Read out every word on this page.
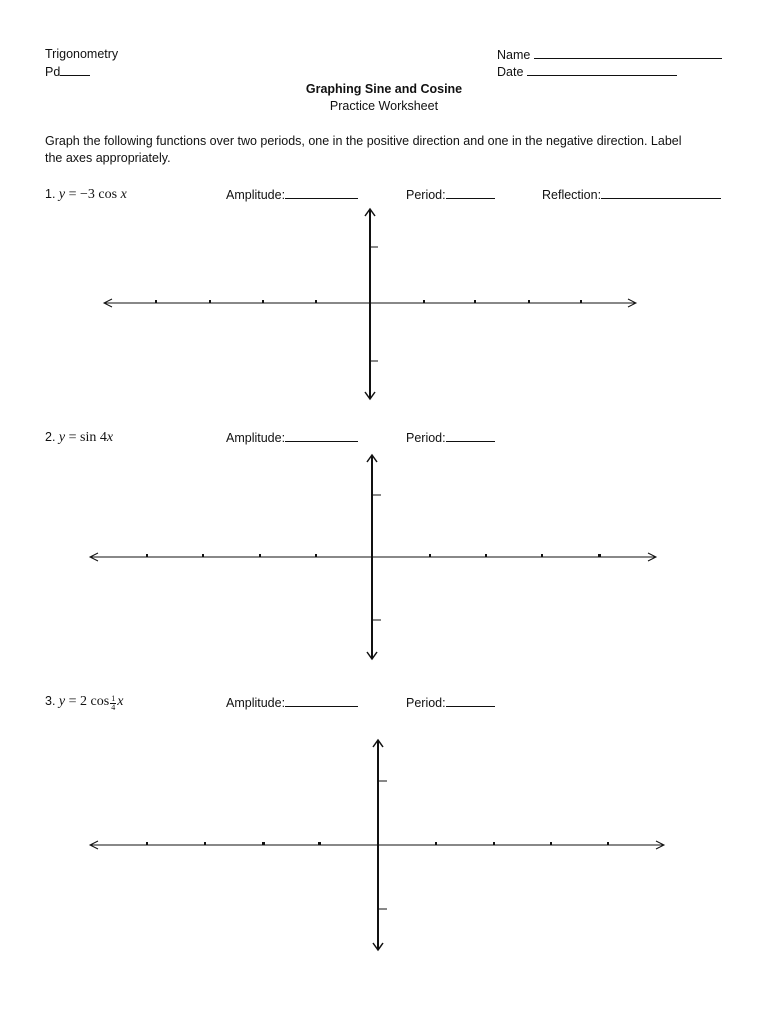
Trigonometry
Pd
Name
Date
Graphing Sine and Cosine
Practice Worksheet
Graph the following functions over two periods, one in the positive direction and one in the negative direction. Label
the axes appropriately.
1. y = −3 cos x	Amplitude:	Period:	Reflection:
2. y = sin 4x	Amplitude:	Period:
3. y = 2 $\cos \frac{1}{4}$ x	Amplitude:	Period:
